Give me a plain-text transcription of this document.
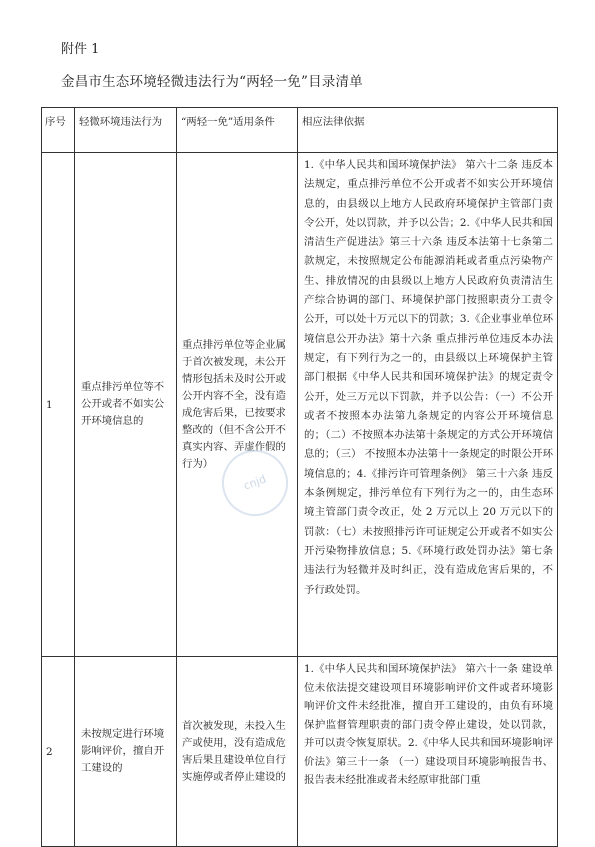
附件 1
金昌市生态环境轻微违法行为“两轻一免”目录清单
序号	轻微环境违法行为	“两轻一免”适用条件	相应法律依据
1	重点排污单位等不公开或者不如实公开环境信息的	重点排污单位等企业属于首次被发现，未公开情形包括未及时公开或公开内容不全，没有造成危害后果，已按要求整改的（但不含公开不真实内容、弄虚作假的行为）	1.《中华人民共和国环境保护法》 第六十二条 违反本法规定，重点排污单位不公开或者不如实公开环境信息的，由县级以上地方人民政府环境保护主管部门责令公开，处以罚款，并予以公告；2.《中华人民共和国清洁生产促进法》第三十六条 违反本法第十七条第二款规定，未按照规定公布能源消耗或者重点污染物产生、排放情况的由县级以上地方人民政府负责清洁生产综合协调的部门、环境保护部门按照职责分工责令公开，可以处十万元以下的罚款；3.《企业事业单位环境信息公开办法》第十六条 重点排污单位违反本办法规定，有下列行为之一的，由县级以上环境保护主管部门根据《中华人民共和国环境保护法》的规定责令公开，处三万元以下罚款，并予以公告：（一）不公开或者不按照本办法第九条规定的内容公开环境信息的；（二）不按照本办法第十条规定的方式公开环境信息的；（三） 不按照本办法第十一条规定的时限公开环境信息的；4.《排污许可管理条例》 第三十六条 违反本条例规定，排污单位有下列行为之一的，由生态环境主管部门责令改正，处 2 万元以上 20 万元以下的罚款：（七）未按照排污许可证规定公开或者不如实公开污染物排放信息；5.《环境行政处罚办法》第七条 违法行为轻微并及时纠正，没有造成危害后果的，不予行政处罚。
2	未按规定进行环境影响评价，擅自开工建设的	首次被发现，未投入生产或使用，没有造成危害后果且建设单位自行实施停或者停止建设的	1.《中华人民共和国环境保护法》 第六十一条 建设单位未依法提交建设项目环境影响评价文件或者环境影响评价文件未经批准，擅自开工建设的，由负有环境保护监督管理职责的部门责令停止建设，处以罚款，并可以责令恢复原状。2.《中华人民共和国环境影响评价法》第三十一条 （一）建设项目环境影响报告书、报告表未经批准或者未经原审批部门重
cnjd
